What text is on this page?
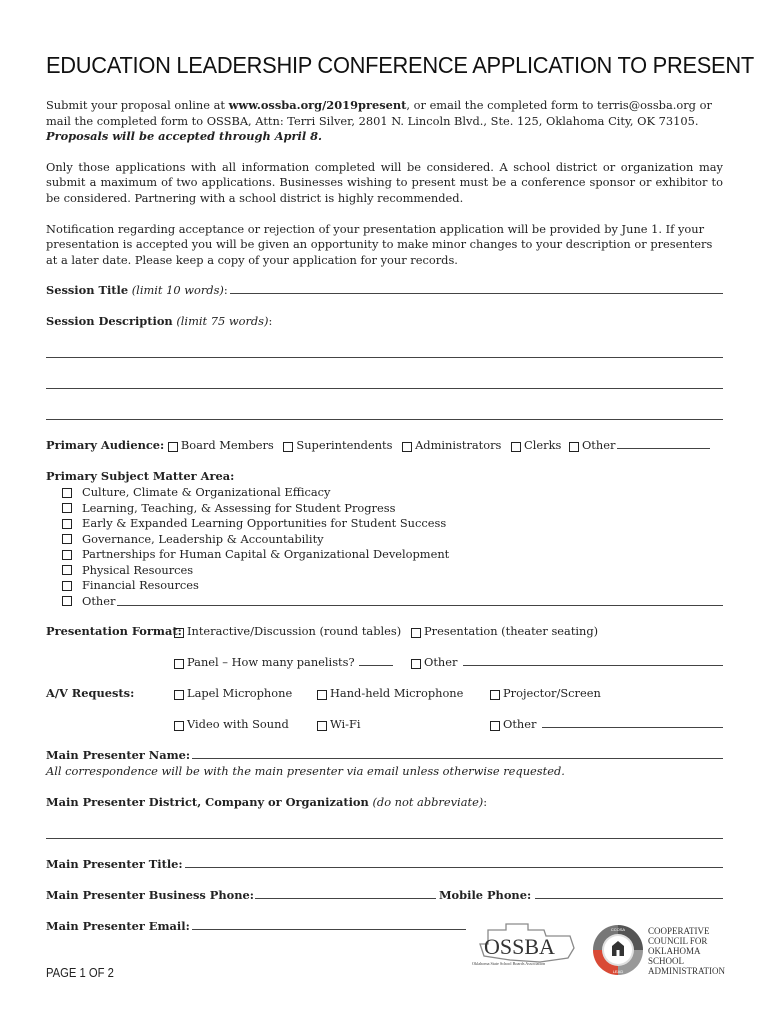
EDUCATION LEADERSHIP CONFERENCE APPLICATION TO PRESENT

Submit your proposal online at www.ossba.org/2019present, or email the completed form to terris@ossba.org or mail the completed form to OSSBA, Attn: Terri Silver, 2801 N. Lincoln Blvd., Ste. 125, Oklahoma City, OK 73105. Proposals will be accepted through April 8.

Only those applications with all information completed will be considered. A school district or organization may submit a maximum of two applications. Businesses wishing to present must be a conference sponsor or exhibitor to be considered. Partnering with a school district is highly recommended.

Notification regarding acceptance or rejection of your presentation application will be provided by June 1. If your presentation is accepted you will be given an opportunity to make minor changes to your description or presenters at a later date. Please keep a copy of your application for your records.

Session Title
(limit 10 words) :
Session Description
(limit 75 words) :
Primary Audience:
Board Members
Superintendents
Administrators
Clerks
Other
Primary Subject Matter Area:
Culture, Climate & Organizational Efficacy
Learning, Teaching, & Assessing for Student Progress
Early & Expanded Learning Opportunities for Student Success
Governance, Leadership & Accountability
Partnerships for Human Capital & Organizational Development
Physical Resources
Financial Resources
Other
Presentation Format: Interactive/Discussion (round tables) Presentation (theater seating)
Panel – How many panelists?	Other
A/V Requests:	Lapel Microphone	Hand-held Microphone	Projector/Screen
Video with Sound	Wi-Fi	Other
Main Presenter Name:
All correspondence will be with the main presenter via email unless otherwise requested.
Main Presenter District, Company or Organization
(do not abbreviate) :
Main Presenter Title:
Main Presenter Business Phone:	Mobile Phone:
Main Presenter Email:
PAGE 1 OF 2
OSSBA
Oklahoma State School Boards Association
CCOSA
LEAD
COOPERATIVE
COUNCIL FOR
OKLAHOMA
SCHOOL
ADMINISTRATION
